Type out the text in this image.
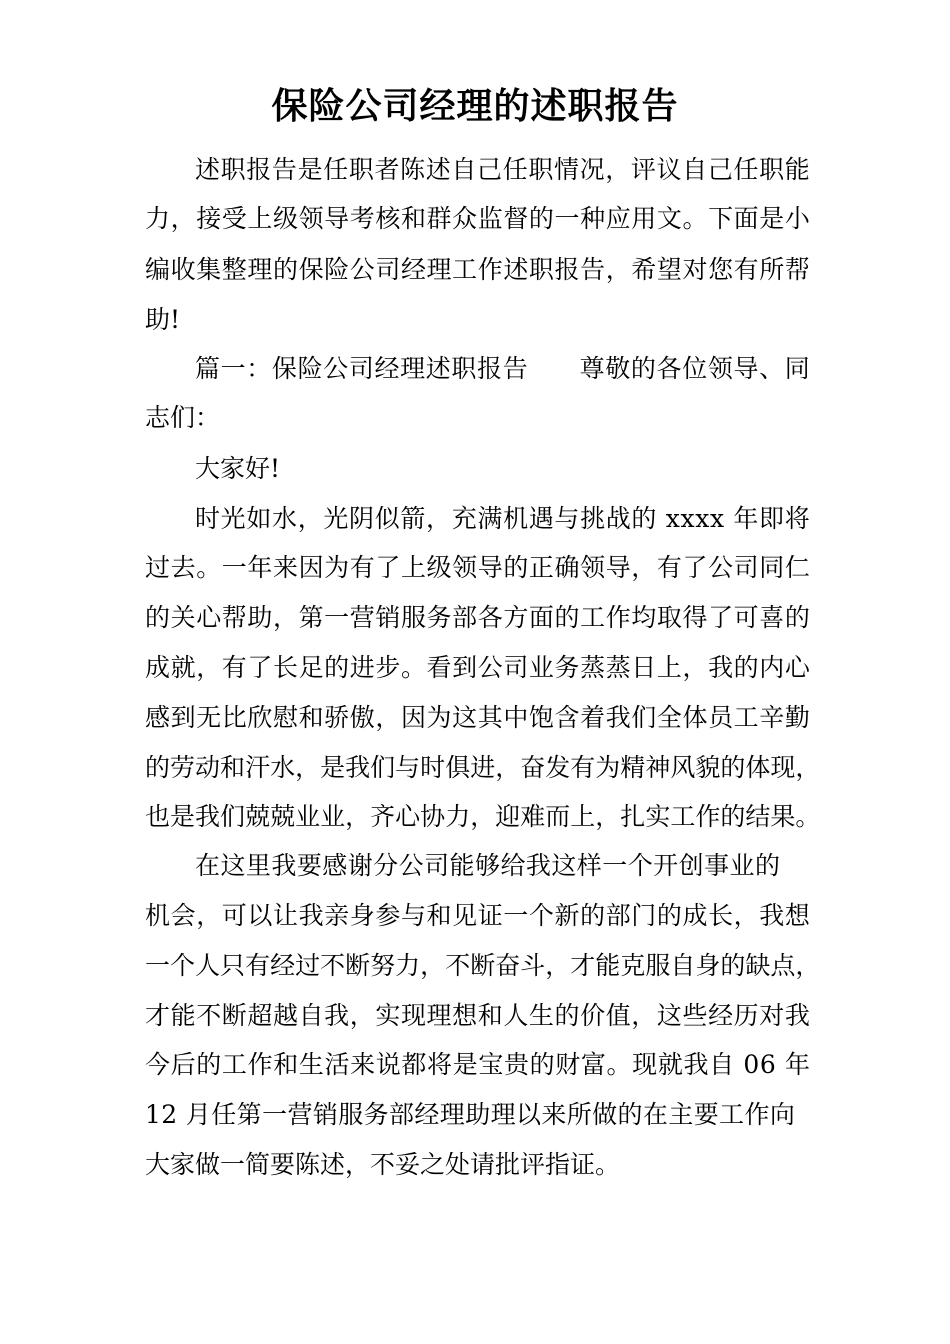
保险公司经理的述职报告
述 职 报 告 是 任 职 者 陈 述 自 己 任 职 情 况 ， 评 议 自 己 任 职 能
力 ， 接 受 上 级 领 导 考 核 和 群 众 监 督 的 一 种 应 用 文 。 下 面 是 小
编 收 集 整 理 的 保 险 公 司 经 理 工 作 述 职 报 告 ， 希 望 对 您 有 所 帮
助!
篇 一 ： 保 险 公 司 经 理 述 职 报 告

　 尊 敬 的 各 位 领 导 、 同
志们：
大家好!
时 光 如 水 ， 光 阴 似 箭 ， 充 满 机 遇 与 挑 战 的
x x x x
年 即 将
过 去 。 一 年 来 因 为 有 了 上 级 领 导 的 正 确 领 导 ， 有 了 公 司 同 仁
的 关 心 帮 助 ， 第 一 营 销 服 务 部 各 方 面 的 工 作 均 取 得 了 可 喜 的
成 就 ， 有 了 长 足 的 进 步 。 看 到 公 司 业 务 蒸 蒸 日 上 ， 我 的 内 心
感 到 无 比 欣 慰 和 骄 傲 ， 因 为 这 其 中 饱 含 着 我 们 全 体 员 工 辛 勤
的 劳 动 和 汗 水 ， 是 我 们 与 时 俱 进 ， 奋 发 有 为 精 神 风 貌 的 体 现 ，
也 是 我 们 兢 兢 业 业 ， 齐 心 协 力 ， 迎 难 而 上 ， 扎 实 工 作 的 结 果 。
在 这 里 我 要 感 谢 分 公 司 能 够 给 我 这 样 一 个 开 创 事 业 的
机 会 ， 可 以 让 我 亲 身 参 与 和 见 证 一 个 新 的 部 门 的 成 长 ， 我 想
一 个 人 只 有 经 过 不 断 努 力 ， 不 断 奋 斗 ， 才 能 克 服 自 身 的 缺 点 ，
才 能 不 断 超 越 自 我 ， 实 现 理 想 和 人 生 的 价 值 ， 这 些 经 历 对 我
今 后 的 工 作 和 生 活 来 说 都 将 是 宝 贵 的 财 富 。 现 就 我 自
0 6
年
1 2
月 任 第 一 营 销 服 务 部 经 理 助 理 以 来 所 做 的 在 主 要 工 作 向
大家做一简要陈述，不妥之处请批评指证。
